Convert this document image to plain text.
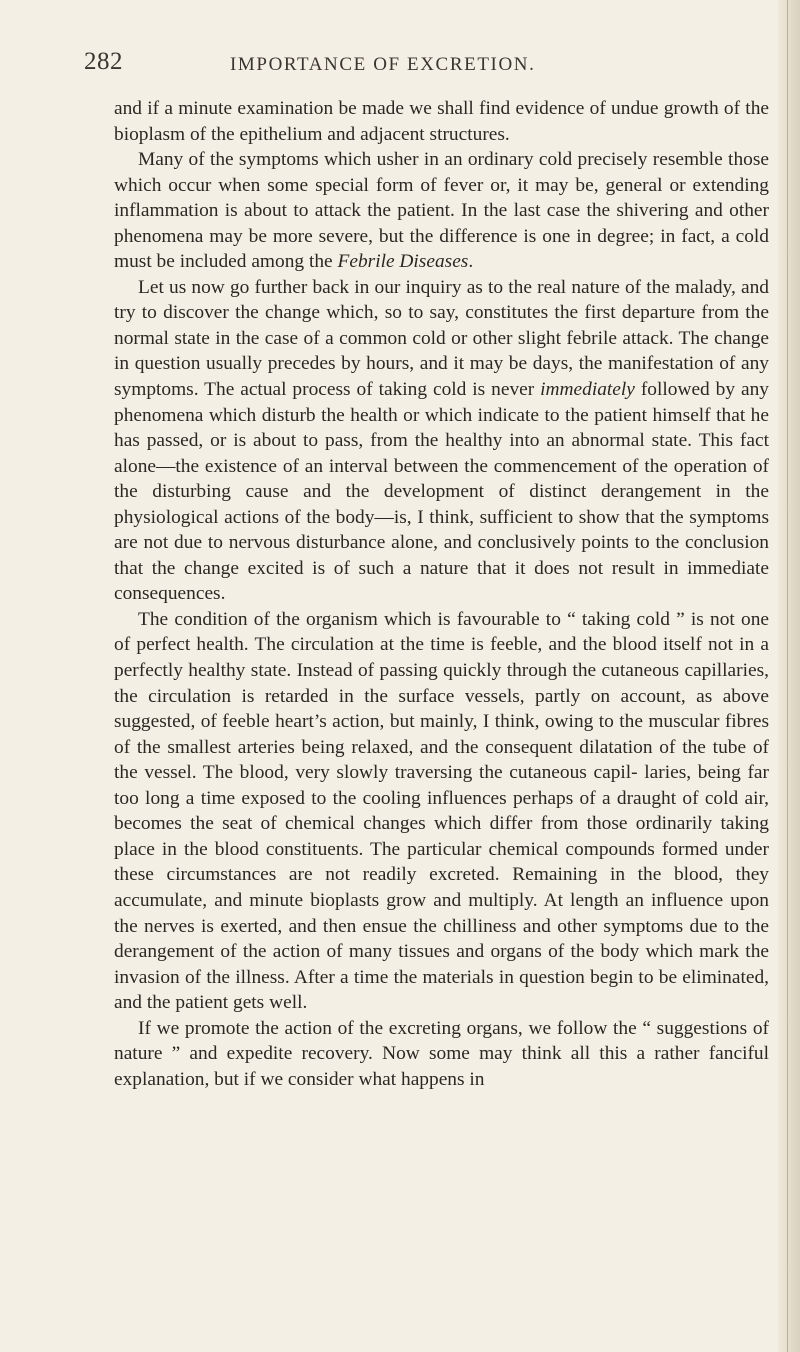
282	IMPORTANCE OF EXCRETION.

and if a minute examination be made we shall find evidence of undue growth of the bioplasm of the epithelium and adjacent structures.

Many of the symptoms which usher in an ordinary cold precisely resemble those which occur when some special form of fever or, it may be, general or extending inflammation is about to attack the patient. In the last case the shivering and other phenomena may be more severe, but the difference is one in degree; in fact, a cold must be included among the Febrile Diseases.

Let us now go further back in our inquiry as to the real nature of the malady, and try to discover the change which, so to say, constitutes the first departure from the normal state in the case of a common cold or other slight febrile attack. The change in question usually precedes by hours, and it may be days, the manifestation of any symptoms. The actual process of taking cold is never immediately followed by any phenomena which disturb the health or which indicate to the patient himself that he has passed, or is about to pass, from the healthy into an abnormal state. This fact alone—the existence of an interval between the commencement of the operation of the disturbing cause and the development of distinct derangement in the physiological actions of the body—is, I think, sufficient to show that the symptoms are not due to nervous disturbance alone, and conclusively points to the conclusion that the change excited is of such a nature that it does not result in immediate consequences.

The condition of the organism which is favourable to “ taking cold ” is not one of perfect health. The circulation at the time is feeble, and the blood itself not in a perfectly healthy state. Instead of passing quickly through the cutaneous capillaries, the circulation is retarded in the surface vessels, partly on account, as above suggested, of feeble heart’s action, but mainly, I think, owing to the muscular fibres of the smallest arteries being relaxed, and the consequent dilatation of the tube of the vessel. The blood, very slowly traversing the cutaneous capil- laries, being far too long a time exposed to the cooling influences perhaps of a draught of cold air, becomes the seat of chemical changes which differ from those ordinarily taking place in the blood constituents. The particular chemical compounds formed under these circumstances are not readily excreted. Remaining in the blood, they accumulate, and minute bioplasts grow and multiply. At length an influence upon the nerves is exerted, and then ensue the chilliness and other symptoms due to the derangement of the action of many tissues and organs of the body which mark the invasion of the illness. After a time the materials in question begin to be eliminated, and the patient gets well.

If we promote the action of the excreting organs, we follow the “ suggestions of nature ” and expedite recovery. Now some may think all this a rather fanciful explanation, but if we consider what happens in
